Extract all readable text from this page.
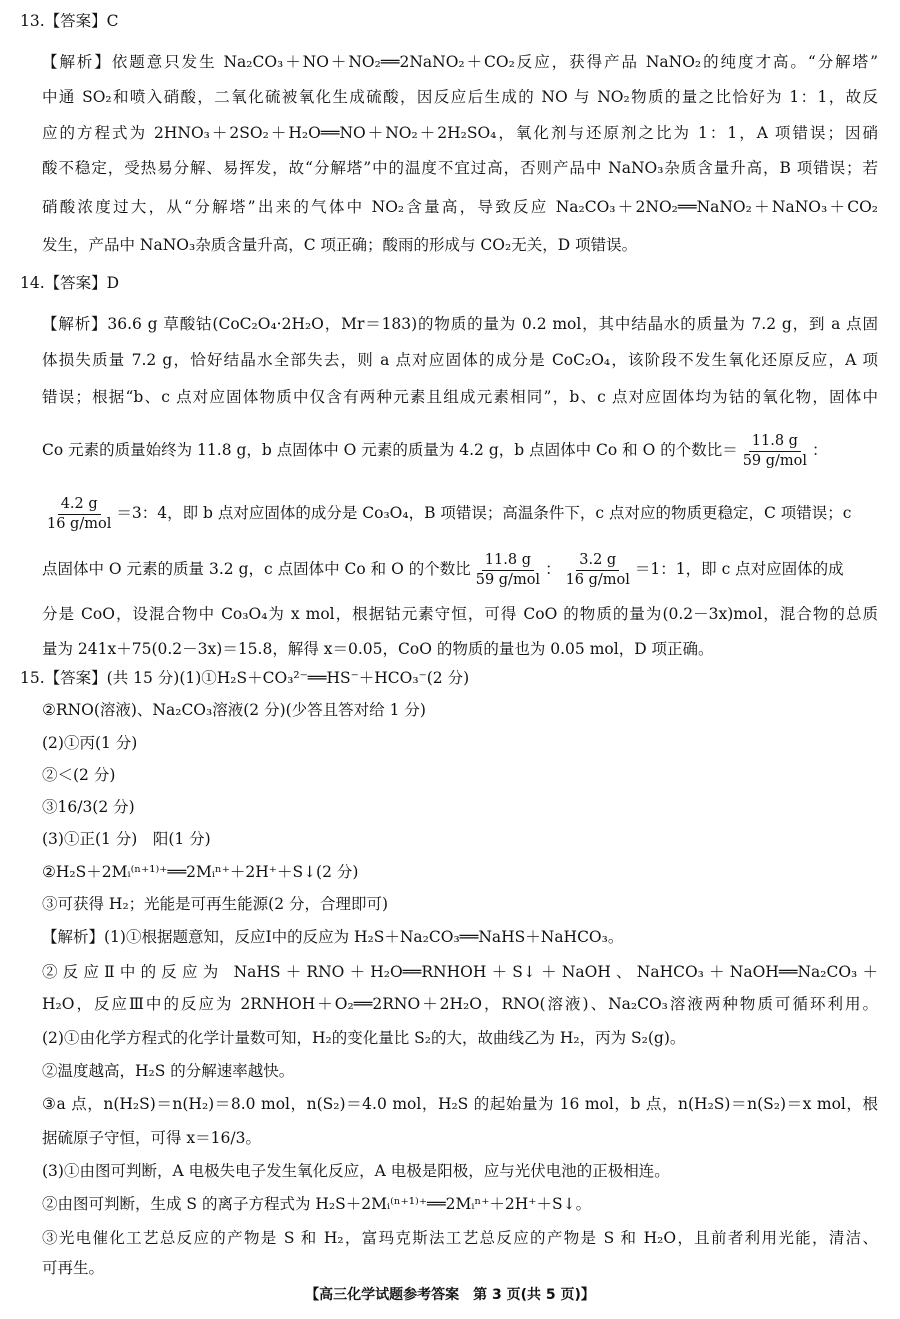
13.【答案】C
【解析】依题意只发生 Na₂CO₃＋NO＋NO₂══2NaNO₂＋CO₂反应，获得产品 NaNO₂的纯度才高。“分解塔”
中通 SO₂和喷入硝酸，二氧化硫被氧化生成硫酸，因反应后生成的 NO 与 NO₂物质的量之比恰好为 1：1，故反
应的方程式为 2HNO₃＋2SO₂＋H₂O══NO＋NO₂＋2H₂SO₄，氧化剂与还原剂之比为 1：1，A 项错误；因硝
酸不稳定，受热易分解、易挥发，故“分解塔”中的温度不宜过高，否则产品中 NaNO₃杂质含量升高，B 项错误；若
硝酸浓度过大，从“分解塔”出来的气体中 NO₂含量高，导致反应 Na₂CO₃＋2NO₂══NaNO₂＋NaNO₃＋CO₂
发生，产品中 NaNO₃杂质含量升高，C 项正确；酸雨的形成与 CO₂无关，D 项错误。
14.【答案】D
【解析】36.6 g 草酸钴(CoC₂O₄·2H₂O，Mr＝183)的物质的量为 0.2 mol，其中结晶水的质量为 7.2 g，到 a 点固
体损失质量 7.2 g，恰好结晶水全部失去，则 a 点对应固体的成分是 CoC₂O₄，该阶段不发生氧化还原反应，A 项
错误；根据“b、c 点对应固体物质中仅含有两种元素且组成元素相同”，b、c 点对应固体均为钴的氧化物，固体中
Co 元素的质量始终为 11.8 g，b 点固体中 O 元素的质量为 4.2 g，b 点固体中 Co 和 O 的个数比＝ $\frac{11.8 g}{\text{59 g/mol}}$ ：
$\frac{4.2 g}{\text{16 g/mol}} =3$：4，即 b 点对应固体的成分是 Co₃O₄，B 项错误；高温条件下，c 点对应的物质更稳定，C 项错误；c
点固体中 O 元素的质量 3.2 g，c 点固体中 Co 和 O 的个数比 $\frac{11.8 g}{\text{59 g/mol}}$ ： $\frac{3.2 g}{\text{16 g/mol}} =1$：1，即 c 点对应固体的成
分是 CoO，设混合物中 Co₃O₄为 x mol，根据钴元素守恒，可得 CoO 的物质的量为(0.2－3x)mol，混合物的总质
量为 241x＋75(0.2－3x)＝15.8，解得 x＝0.05，CoO 的物质的量也为 0.05 mol，D 项正确。
15.【答案】(共 15 分)(1)①H₂S＋CO₃²⁻══HS⁻＋HCO₃⁻(2 分)
②RNO(溶液)、Na₂CO₃溶液(2 分)(少答且答对给 1 分)
(2)①丙(1 分)
②＜(2 分)
③16/3(2 分)
(3)①正(1 分)　阳(1 分)
②H₂S＋2Mᵢ⁽ⁿ⁺¹⁾⁺══2Mᵢⁿ⁺＋2H⁺＋S↓(2 分)
③可获得 H₂；光能是可再生能源(2 分，合理即可)
【解析】(1)①根据题意知，反应Ⅰ中的反应为 H₂S＋Na₂CO₃══NaHS＋NaHCO₃。
②反应Ⅱ中的反应为 NaHS＋RNO＋H₂O══RNHOH＋S↓＋NaOH、NaHCO₃＋NaOH══Na₂CO₃＋
H₂O，反应Ⅲ中的反应为 2RNHOH＋O₂══2RNO＋2H₂O，RNO(溶液)、Na₂CO₃溶液两种物质可循环利用。
(2)①由化学方程式的化学计量数可知，H₂的变化量比 S₂的大，故曲线乙为 H₂，丙为 S₂(g)。
②温度越高，H₂S 的分解速率越快。
③a 点，n(H₂S)＝n(H₂)＝8.0 mol，n(S₂)＝4.0 mol，H₂S 的起始量为 16 mol，b 点，n(H₂S)＝n(S₂)＝x mol，根
据硫原子守恒，可得 x＝16/3。
(3)①由图可判断，A 电极失电子发生氧化反应，A 电极是阳极，应与光伏电池的正极相连。
②由图可判断，生成 S 的离子方程式为 H₂S＋2Mᵢ⁽ⁿ⁺¹⁾⁺══2Mᵢⁿ⁺＋2H⁺＋S↓。
③光电催化工艺总反应的产物是 S 和 H₂，富玛克斯法工艺总反应的产物是 S 和 H₂O，且前者利用光能，清洁、
可再生。
【高三化学试题参考答案　第 3 页(共 5 页)】
